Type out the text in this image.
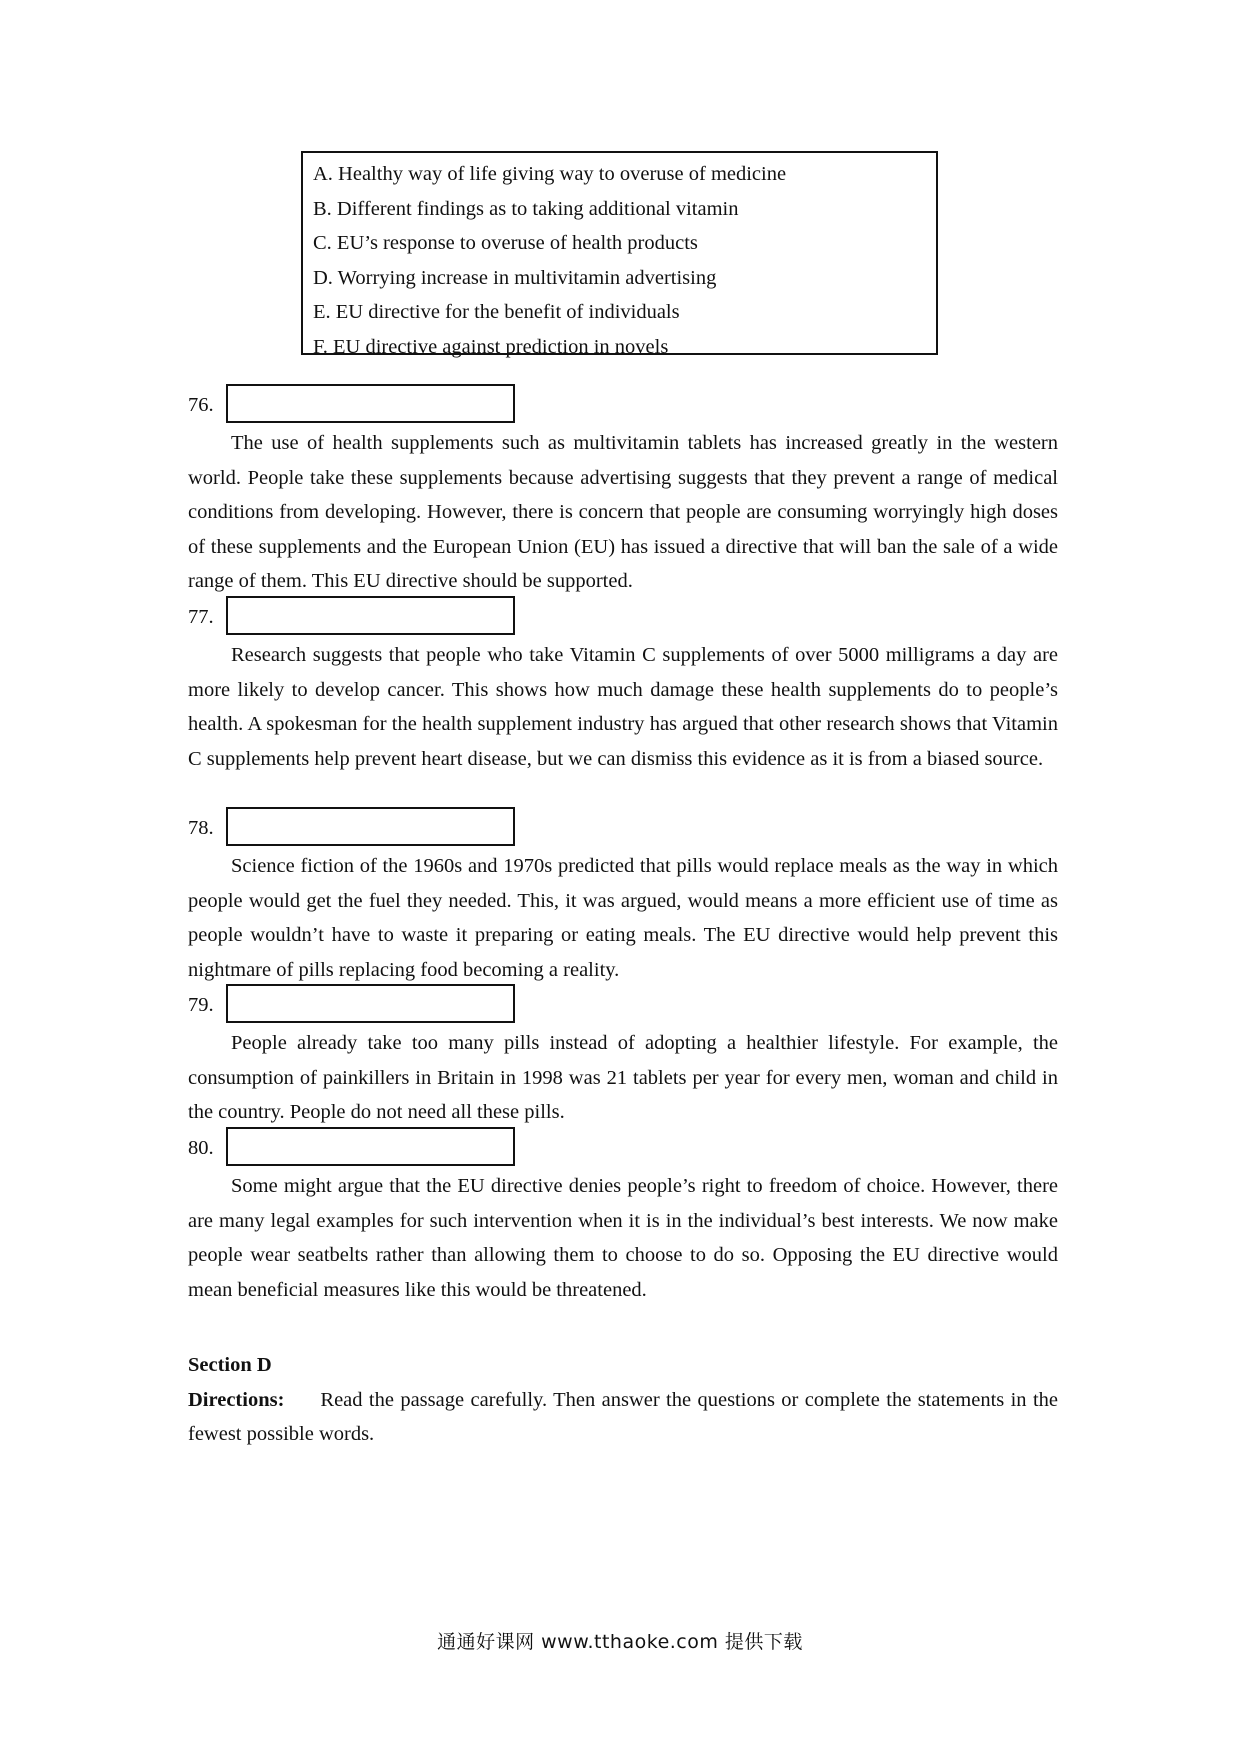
A. Healthy way of life giving way to overuse of medicine
B. Different findings as to taking additional vitamin
C. EU’s response to overuse of health products
D. Worrying increase in multivitamin advertising
E. EU directive for the benefit of individuals
F. EU directive against prediction in novels
76.

The use of health supplements such as multivitamin tablets has increased greatly in the western world. People take these supplements because advertising suggests that they prevent a range of medical conditions from developing. However, there is concern that people are consuming worryingly high doses of these supplements and the European Union (EU) has issued a directive that will ban the sale of a wide range of them. This EU directive should be supported.

77.

Research suggests that people who take Vitamin C supplements of over 5000 milligrams a day are more likely to develop cancer. This shows how much damage these health supplements do to people’s health. A spokesman for the health supplement industry has argued that other research shows that Vitamin C supplements help prevent heart disease, but we can dismiss this evidence as it is from a biased source.

78.

Science fiction of the 1960s and 1970s predicted that pills would replace meals as the way in which people would get the fuel they needed. This, it was argued, would means a more efficient use of time as people wouldn’t have to waste it preparing or eating meals. The EU directive would help prevent this nightmare of pills replacing food becoming a reality.

79.

People already take too many pills instead of adopting a healthier lifestyle. For example, the consumption of painkillers in Britain in 1998 was 21 tablets per year for every men, woman and child in the country. People do not need all these pills.

80.

Some might argue that the EU directive denies people’s right to freedom of choice. However, there are many legal examples for such intervention when it is in the individual’s best interests. We now make people wear seatbelts rather than allowing them to choose to do so. Opposing the EU directive would mean beneficial measures like this would be threatened.

Section D

Directions: Read the passage carefully. Then answer the questions or complete the statements in the fewest possible words.

通通好课网 www.tthaoke.com 提供下载
